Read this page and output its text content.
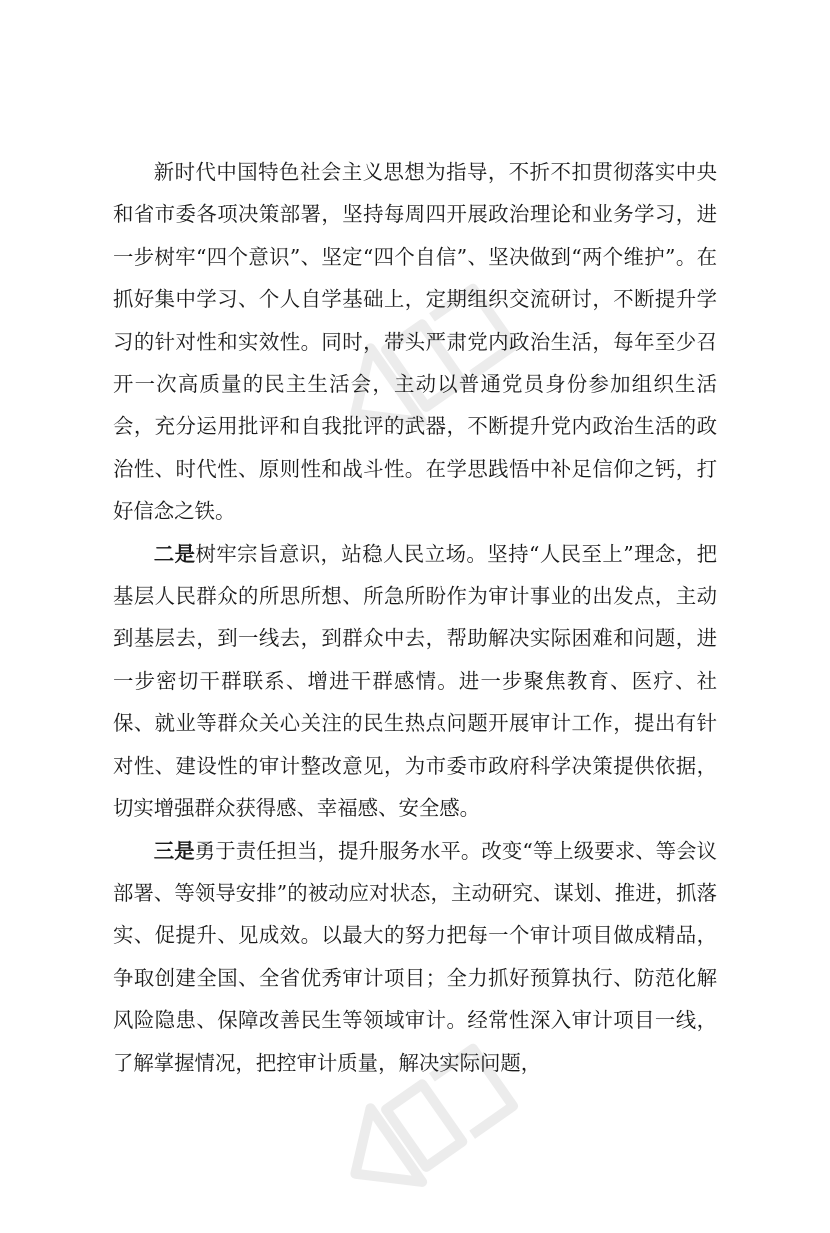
新时代中国特色社会主义思想为指导，不折不扣贯彻落实中央和省市委各项决策部署，坚持每周四开展政治理论和业务学习，进一步树牢“四个意识”、坚定“四个自信”、坚决做到“两个维护”。在抓好集中学习、个人自学基础上，定期组织交流研讨，不断提升学习的针对性和实效性。同时，带头严肃党内政治生活，每年至少召开一次高质量的民主生活会，主动以普通党员身份参加组织生活会，充分运用批评和自我批评的武器，不断提升党内政治生活的政治性、时代性、原则性和战斗性。在学思践悟中补足信仰之钙，打好信念之铁。

二是树牢宗旨意识，站稳人民立场。坚持“人民至上”理念，把基层人民群众的所思所想、所急所盼作为审计事业的出发点，主动到基层去，到一线去，到群众中去，帮助解决实际困难和问题，进一步密切干群联系、增进干群感情。进一步聚焦教育、医疗、社保、就业等群众关心关注的民生热点问题开展审计工作，提出有针对性、建设性的审计整改意见，为市委市政府科学决策提供依据，切实增强群众获得感、幸福感、安全感。

三是勇于责任担当，提升服务水平。改变“等上级要求、等会议部署、等领导安排”的被动应对状态，主动研究、谋划、推进，抓落实、促提升、见成效。以最大的努力把每一个审计项目做成精品，争取创建全国、全省优秀审计项目；全力抓好预算执行、防范化解风险隐患、保障改善民生等领域审计。经常性深入审计项目一线，了解掌握情况，把控审计质量，解决实际问题，
